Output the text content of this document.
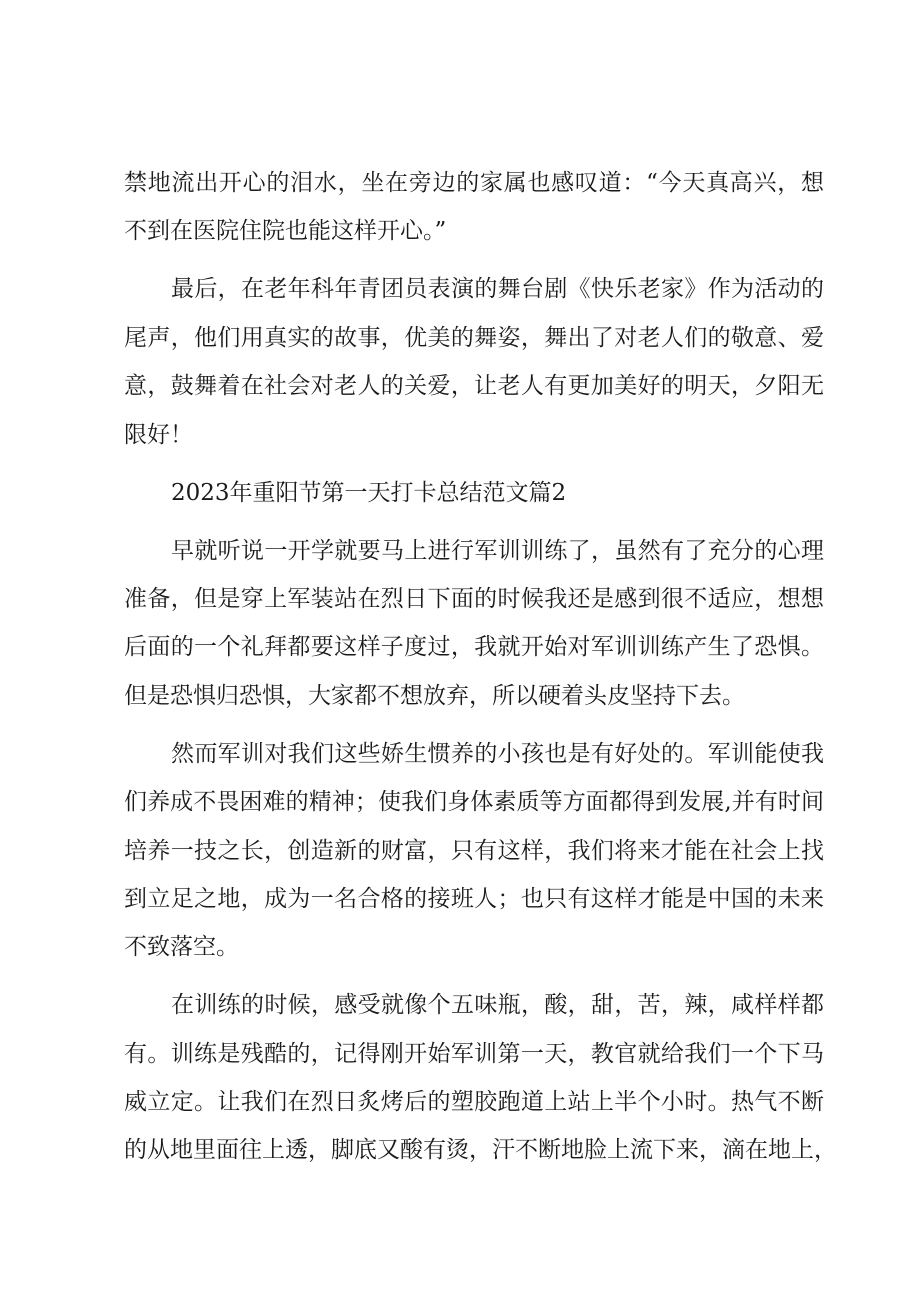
禁地流出开心的泪水，坐在旁边的家属也感叹道：“今天真高兴，想
不到在医院住院也能这样开心。”
最后，在老年科年青团员表演的舞台剧《快乐老家》作为活动的
尾声，他们用真实的故事，优美的舞姿，舞出了对老人们的敬意、爱
意，鼓舞着在社会对老人的关爱，让老人有更加美好的明天，夕阳无
限好！
2023年重阳节第一天打卡总结范文篇2
早就听说一开学就要马上进行军训训练了，虽然有了充分的心理
准备，但是穿上军装站在烈日下面的时候我还是感到很不适应，想想
后面的一个礼拜都要这样子度过，我就开始对军训训练产生了恐惧。
但是恐惧归恐惧，大家都不想放弃，所以硬着头皮坚持下去。
然而军训对我们这些娇生惯养的小孩也是有好处的。军训能使我
们养成不畏困难的精神；使我们身体素质等方面都得到发展,并有时间
培养一技之长，创造新的财富，只有这样，我们将来才能在社会上找
到立足之地，成为一名合格的接班人；也只有这样才能是中国的未来
不致落空。
在训练的时候，感受就像个五味瓶，酸，甜，苦，辣，咸样样都
有。训练是残酷的，记得刚开始军训第一天，教官就给我们一个下马
威立定。让我们在烈日炙烤后的塑胶跑道上站上半个小时。热气不断
的从地里面往上透，脚底又酸有烫，汗不断地脸上流下来，滴在地上，
